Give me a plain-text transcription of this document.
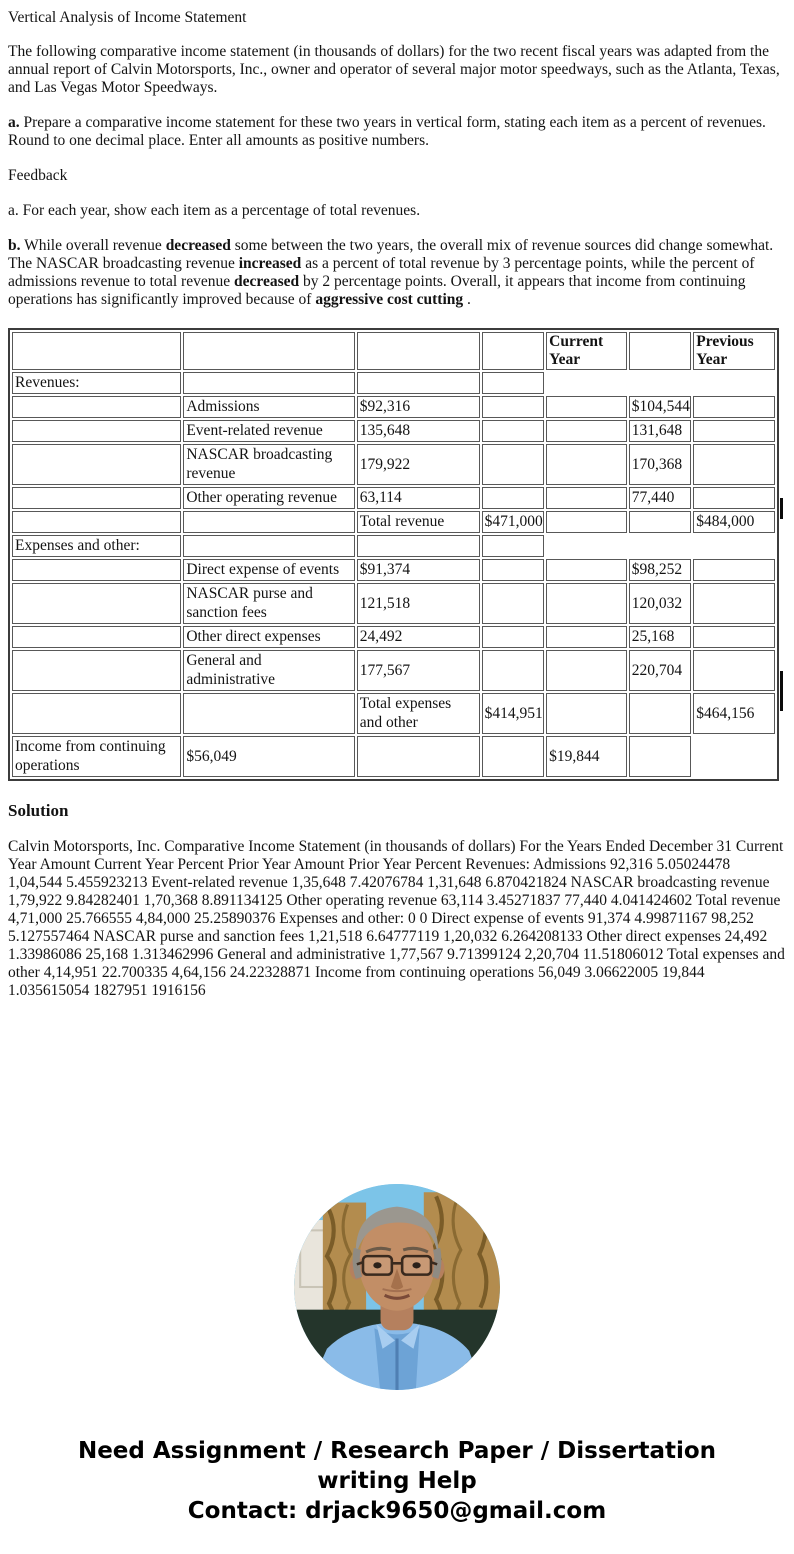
Vertical Analysis of Income Statement

The following comparative income statement (in thousands of dollars) for the two recent fiscal years was adapted from the annual report of Calvin Motorsports, Inc., owner and operator of several major motor speedways, such as the Atlanta, Texas, and Las Vegas Motor Speedways.

a. Prepare a comparative income statement for these two years in vertical form, stating each item as a percent of revenues. Round to one decimal place. Enter all amounts as positive numbers.

Feedback

a. For each year, show each item as a percentage of total revenues.

b. While overall revenue decreased some between the two years, the overall mix of revenue sources did change somewhat. The NASCAR broadcasting revenue increased as a percent of total revenue by 3 percentage points, while the percent of admissions revenue to total revenue decreased by 2 percentage points. Overall, it appears that income from continuing operations has significantly improved because of aggressive cost cutting .

				Current Year		Previous Year
Revenues:						
	Admissions	$92,316			$104,544	
	Event-related revenue	135,648			131,648	
	NASCAR broadcasting revenue	179,922			170,368	
	Other operating revenue	63,114			77,440	
		Total revenue	$471,000			$484,000
Expenses and other:						
	Direct expense of events	$91,374			$98,252	
	NASCAR purse and sanction fees	121,518			120,032	
	Other direct expenses	24,492			25,168	
	General and administrative	177,567			220,704	
		Total expenses and other	$414,951			$464,156
Income from continuing operations	$56,049			$19,844		
Solution

Calvin Motorsports, Inc. Comparative Income Statement (in thousands of dollars) For the Years Ended December 31 Current Year Amount Current Year Percent Prior Year Amount Prior Year Percent Revenues: Admissions 92,316 5.05024478 1,04,544 5.455923213 Event-related revenue 1,35,648 7.42076784 1,31,648 6.870421824 NASCAR broadcasting revenue 1,79,922 9.84282401 1,70,368 8.891134125 Other operating revenue 63,114 3.45271837 77,440 4.041424602 Total revenue 4,71,000 25.766555 4,84,000 25.25890376 Expenses and other: 0 0 Direct expense of events 91,374 4.99871167 98,252 5.127557464 NASCAR purse and sanction fees 1,21,518 6.64777119 1,20,032 6.264208133 Other direct expenses 24,492 1.33986086 25,168 1.313462996 General and administrative 1,77,567 9.71399124 2,20,704 11.51806012 Total expenses and other 4,14,951 22.700335 4,64,156 24.22328871 Income from continuing operations 56,049 3.06622005 19,844 1.035615054 1827951 1916156

Need Assignment / Research Paper / Dissertation
writing Help
Contact: drjack9650@gmail.com
